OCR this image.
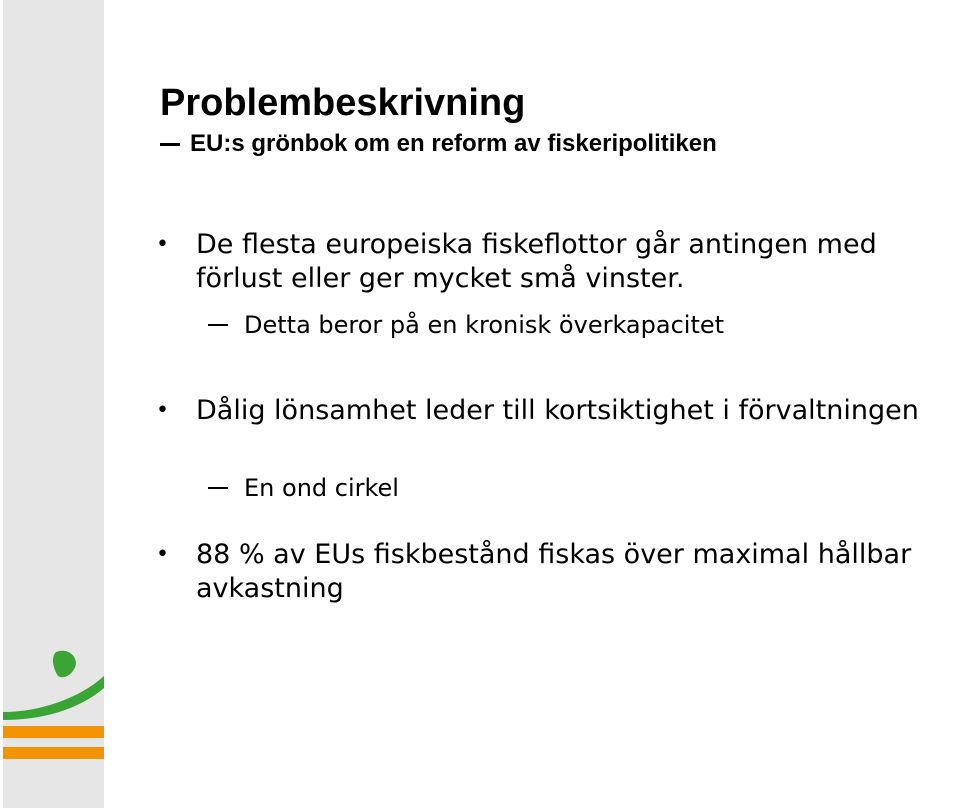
Problembeskrivning
EU:s grönbok om en reform av fiskeripolitiken
• De flesta europeiska fiskeflottor går antingen med förlust eller ger mycket små vinster.
Detta beror på en kronisk överkapacitet
• Dålig lönsamhet leder till kortsiktighet i förvaltningen
En ond cirkel
• 88 % av EUs fiskbestånd fiskas över maximal hållbar avkastning
